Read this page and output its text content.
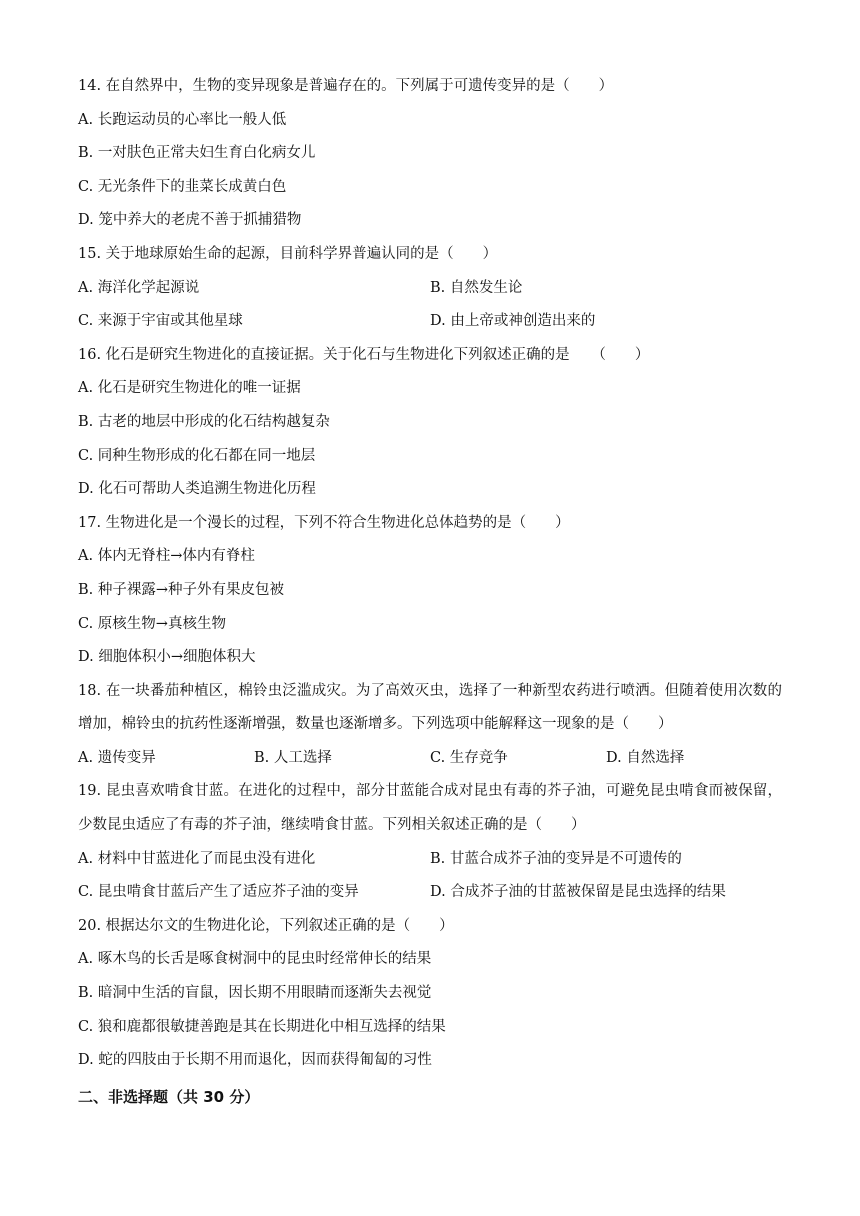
14. 在自然界中，生物的变异现象是普遍存在的。下列属于可遗传变异的是（　　）
A. 长跑运动员的心率比一般人低
B. 一对肤色正常夫妇生育白化病女儿
C. 无光条件下的韭菜长成黄白色
D. 笼中养大的老虎不善于抓捕猎物
15. 关于地球原始生命的起源，目前科学界普遍认同的是（　　）
A. 海洋化学起源说	B. 自然发生论
C. 来源于宇宙或其他星球	D. 由上帝或神创造出来的
16. 化石是研究生物进化的直接证据。关于化石与生物进化下列叙述正确的是　　（　　）
A. 化石是研究生物进化的唯一证据
B. 古老的地层中形成的化石结构越复杂
C. 同种生物形成的化石都在同一地层
D. 化石可帮助人类追溯生物进化历程
17. 生物进化是一个漫长的过程，下列不符合生物进化总体趋势的是（　　）
A. 体内无脊柱→体内有脊柱
B. 种子裸露→种子外有果皮包被
C. 原核生物→真核生物
D. 细胞体积小→细胞体积大
18. 在一块番茄种植区，棉铃虫泛滥成灾。为了高效灭虫，选择了一种新型农药进行喷洒。但随着使用次数的增加，棉铃虫的抗药性逐渐增强，数量也逐渐增多。下列选项中能解释这一现象的是（　　）
A. 遗传变异	B. 人工选择	C. 生存竞争	D. 自然选择
19. 昆虫喜欢啃食甘蓝。在进化的过程中，部分甘蓝能合成对昆虫有毒的芥子油，可避免昆虫啃食而被保留，少数昆虫适应了有毒的芥子油，继续啃食甘蓝。下列相关叙述正确的是（　　）
A. 材料中甘蓝进化了而昆虫没有进化	B. 甘蓝合成芥子油的变异是不可遗传的
C. 昆虫啃食甘蓝后产生了适应芥子油的变异	D. 合成芥子油的甘蓝被保留是昆虫选择的结果
20. 根据达尔文的生物进化论，下列叙述正确的是（　　）
A. 啄木鸟的长舌是啄食树洞中的昆虫时经常伸长的结果
B. 暗洞中生活的盲鼠，因长期不用眼睛而逐渐失去视觉
C. 狼和鹿都很敏捷善跑是其在长期进化中相互选择的结果
D. 蛇的四肢由于长期不用而退化，因而获得匍匐的习性
二、非选择题（共 30 分）
